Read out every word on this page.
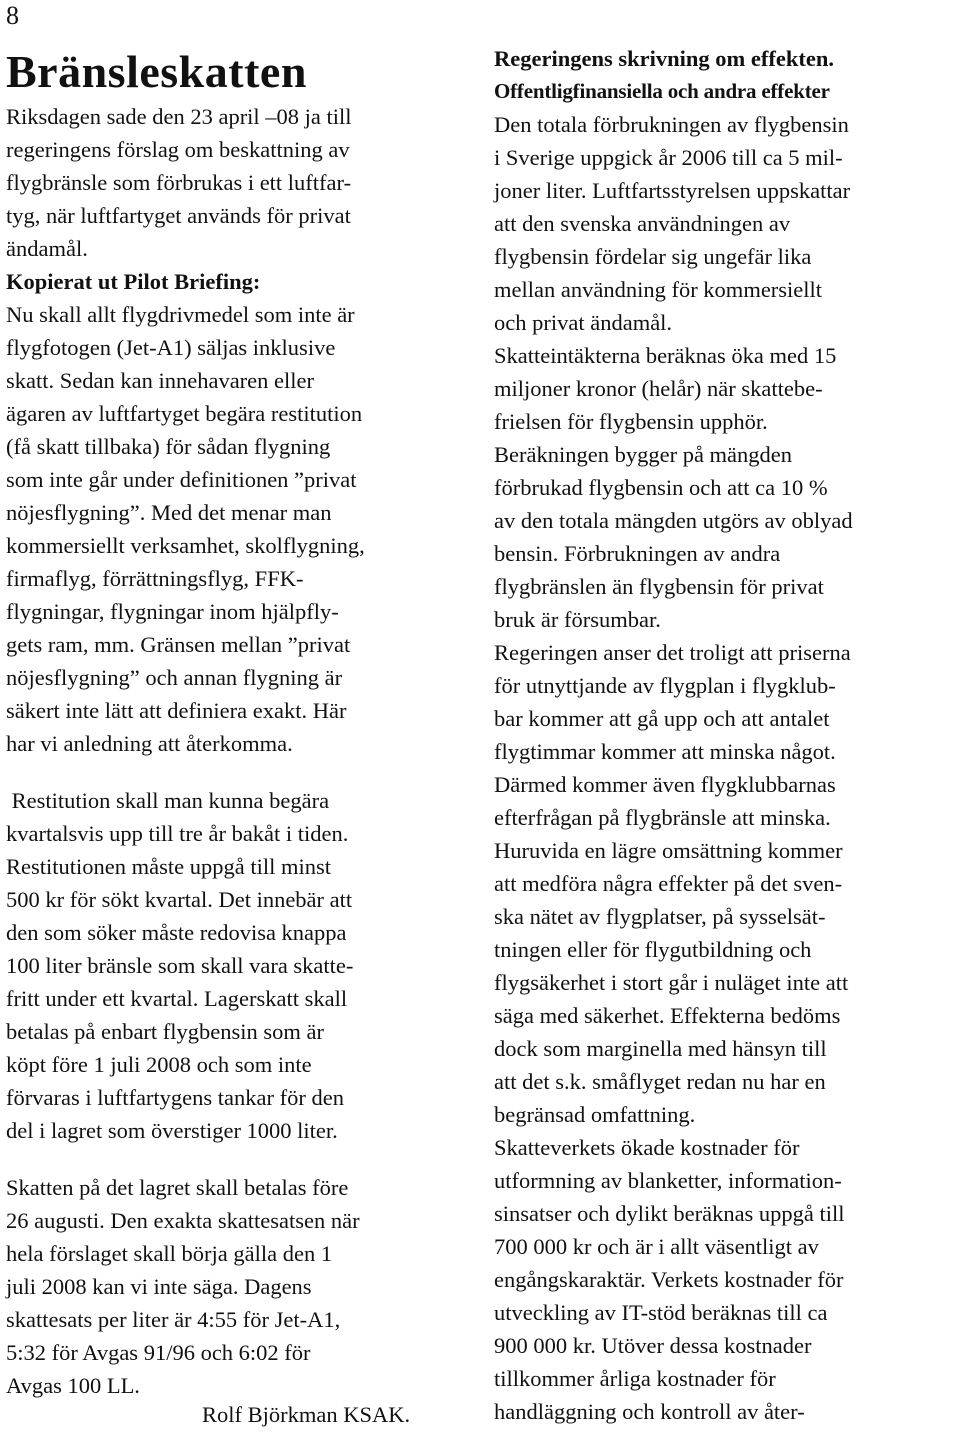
8
Bränsleskatten
Riksdagen sade den 23 april –08 ja till
regeringens förslag om beskattning av
flygbränsle som förbrukas i ett luftfar-
tyg, när luftfartyget används för privat
ändamål.
Kopierat ut Pilot Briefing:
Nu skall allt flygdrivmedel som inte är
flygfotogen (Jet-A1) säljas inklusive
skatt. Sedan kan innehavaren eller
ägaren av luftfartyget begära restitution
(få skatt tillbaka) för sådan flygning
som inte går under definitionen ”privat
nöjesflygning”. Med det menar man
kommersiellt verksamhet, skolflygning,
firmaflyg, förrättningsflyg, FFK-
flygningar, flygningar inom hjälpfly-
gets ram, mm. Gränsen mellan ”privat
nöjesflygning” och annan flygning är
säkert inte lätt att definiera exakt. Här
har vi anledning att återkomma.
Restitution skall man kunna begära
kvartalsvis upp till tre år bakåt i tiden.
Restitutionen måste uppgå till minst
500 kr för sökt kvartal. Det innebär att
den som söker måste redovisa knappa
100 liter bränsle som skall vara skatte-
fritt under ett kvartal. Lagerskatt skall
betalas på enbart flygbensin som är
köpt före 1 juli 2008 och som inte
förvaras i luftfartygens tankar för den
del i lagret som överstiger 1000 liter.
Skatten på det lagret skall betalas före
26 augusti. Den exakta skattesatsen när
hela förslaget skall börja gälla den 1
juli 2008 kan vi inte säga. Dagens
skattesats per liter är 4:55 för Jet-A1,
5:32 för Avgas 91/96 och 6:02 för
Avgas 100 LL.
Rolf Björkman KSAK.
Regeringens skrivning om effekten.
Offentligfinansiella och andra effekter
Den totala förbrukningen av flygbensin
i Sverige uppgick år 2006 till ca 5 mil-
joner liter. Luftfartsstyrelsen uppskattar
att den svenska användningen av
flygbensin fördelar sig ungefär lika
mellan användning för kommersiellt
och privat ändamål.
Skatteintäkterna beräknas öka med 15
miljoner kronor (helår) när skattebe-
frielsen för flygbensin upphör.
Beräkningen bygger på mängden
förbrukad flygbensin och att ca 10 %
av den totala mängden utgörs av oblyad
bensin. Förbrukningen av andra
flygbränslen än flygbensin för privat
bruk är försumbar.
Regeringen anser det troligt att priserna
för utnyttjande av flygplan i flygklub-
bar kommer att gå upp och att antalet
flygtimmar kommer att minska något.
Därmed kommer även flygklubbarnas
efterfrågan på flygbränsle att minska.
Huruvida en lägre omsättning kommer
att medföra några effekter på det sven-
ska nätet av flygplatser, på sysselsät-
tningen eller för flygutbildning och
flygsäkerhet i stort går i nuläget inte att
säga med säkerhet. Effekterna bedöms
dock som marginella med hänsyn till
att det s.k. småflyget redan nu har en
begränsad omfattning.
Skatteverkets ökade kostnader för
utformning av blanketter, information-
sinsatser och dylikt beräknas uppgå till
700 000 kr och är i allt väsentligt av
engångskaraktär. Verkets kostnader för
utveckling av IT-stöd beräknas till ca
900 000 kr. Utöver dessa kostnader
tillkommer årliga kostnader för
handläggning och kontroll av åter-
